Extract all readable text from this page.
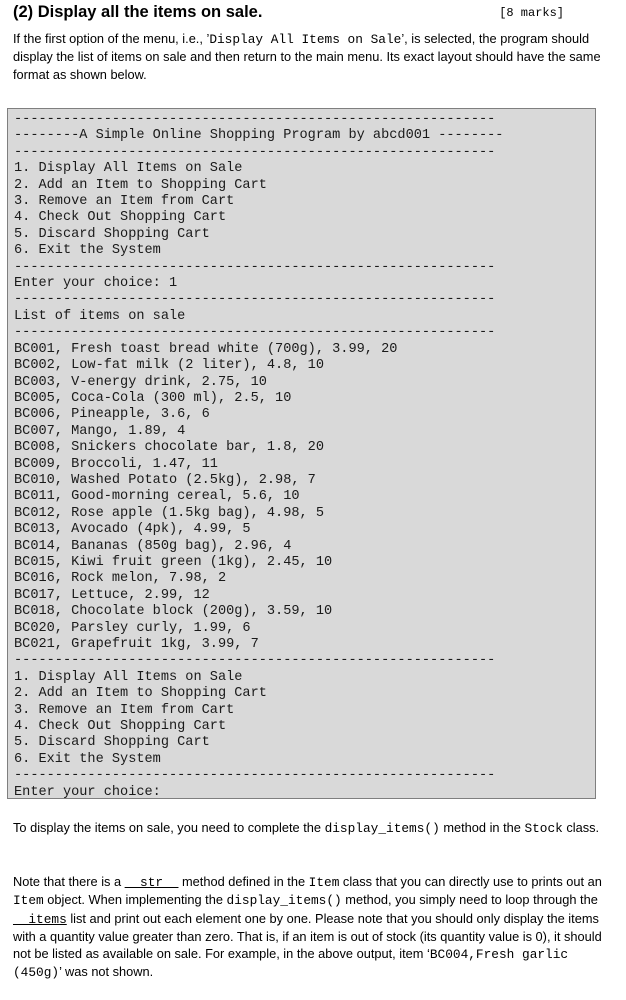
(2) Display all the items on sale.	[8 marks]

If the first option of the menu, i.e., ’Display All Items on Sale’, is selected, the program should display the list of items on sale and then return to the main menu. Its exact layout should have the same format as shown below.

-----------------------------------------------------------
--------A Simple Online Shopping Program by abcd001 --------
-----------------------------------------------------------
1. Display All Items on Sale
2. Add an Item to Shopping Cart
3. Remove an Item from Cart
4. Check Out Shopping Cart
5. Discard Shopping Cart
6. Exit the System
-----------------------------------------------------------
Enter your choice: 1
-----------------------------------------------------------
List of items on sale
-----------------------------------------------------------
BC001, Fresh toast bread white (700g), 3.99, 20
BC002, Low-fat milk (2 liter), 4.8, 10
BC003, V-energy drink, 2.75, 10
BC005, Coca-Cola (300 ml), 2.5, 10
BC006, Pineapple, 3.6, 6
BC007, Mango, 1.89, 4
BC008, Snickers chocolate bar, 1.8, 20
BC009, Broccoli, 1.47, 11
BC010, Washed Potato (2.5kg), 2.98, 7
BC011, Good-morning cereal, 5.6, 10
BC012, Rose apple (1.5kg bag), 4.98, 5
BC013, Avocado (4pk), 4.99, 5
BC014, Bananas (850g bag), 2.96, 4
BC015, Kiwi fruit green (1kg), 2.45, 10
BC016, Rock melon, 7.98, 2
BC017, Lettuce, 2.99, 12
BC018, Chocolate block (200g), 3.59, 10
BC020, Parsley curly, 1.99, 6
BC021, Grapefruit 1kg, 3.99, 7
-----------------------------------------------------------
1. Display All Items on Sale
2. Add an Item to Shopping Cart
3. Remove an Item from Cart
4. Check Out Shopping Cart
5. Discard Shopping Cart
6. Exit the System
-----------------------------------------------------------
Enter your choice:

To display the items on sale, you need to complete the display_items() method in the Stock class.

Note that there is a __str__ method defined in the Item class that you can directly use to prints out an Item object. When implementing the display_items() method, you simply need to loop through the __items list and print out each element one by one. Please note that you should only display the items with a quantity value greater than zero. That is, if an item is out of stock (its quantity value is 0), it should not be listed as available on sale. For example, in the above output, item ‘BC004,Fresh garlic (450g)’ was not shown.
